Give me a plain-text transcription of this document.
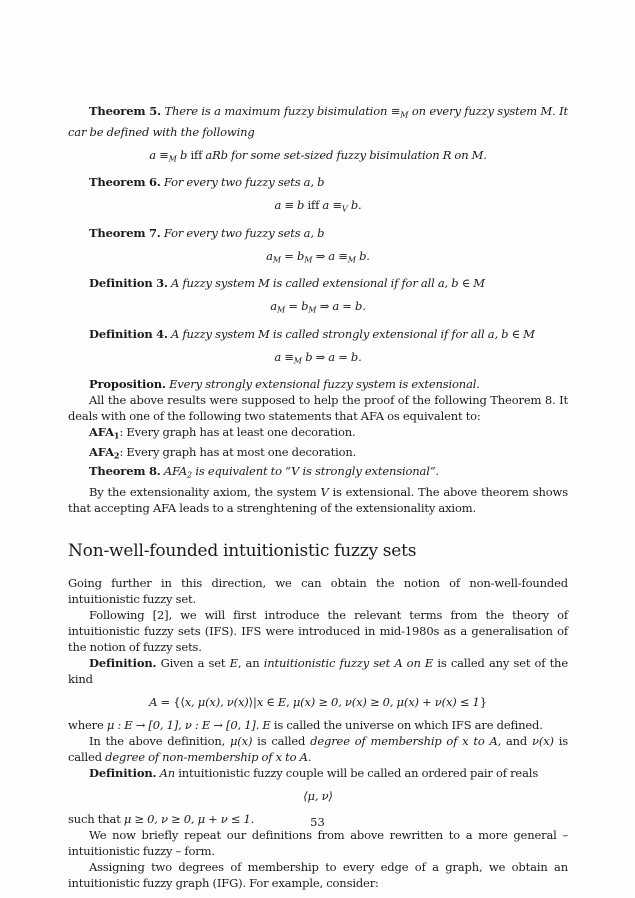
Theorem 5. There is a maximum fuzzy bisimulation $\equiv_M$ on every fuzzy system M. It car be defined with the following
$a \equiv_M$ b iff aRb for some set-sized fuzzy bisimulation R on M.
Theorem 6. For every two fuzzy sets a, b
a ≡ b iff $a \equiv_V$ b.
Theorem 7. For every two fuzzy sets a, b
$a_M = b_M$ ⇒ $a \equiv_M$ b.
Definition 3. A fuzzy system M is called extensional if for all a, b ∈ M
$a_M = b_M$ ⇒ a = b.
Definition 4. A fuzzy system M is called strongly extensional if for all a, b ∈ M
$a \equiv_M$ b ⇒ a = b.
Proposition. Every strongly extensional fuzzy system is extensional.
All the above results were supposed to help the proof of the following Theorem 8. It deals with one of the following two statements that AFA os equivalent to:
$AFA_1$: Every graph has at least one decoration.
$AFA_2$: Every graph has at most one decoration.
Theorem 8. $AFA_2$ is equivalent to “V is strongly extensional”.
By the extensionality axiom, the system V is extensional. The above theorem shows that accepting AFA leads to a strenghtening of the extensionality axiom.
Non-well-founded intuitionistic fuzzy sets
Going further in this direction, we can obtain the notion of non-well-founded intuitionistic fuzzy set.
Following [2], we will first introduce the relevant terms from the theory of intuitionistic fuzzy sets (IFS). IFS were introduced in mid-1980s as a generalisation of the notion of fuzzy sets.
Definition. Given a set E, an intuitionistic fuzzy set A on E is called any set of the kind
A = {⟨x, μ(x), ν(x)⟩|x ∈ E, μ(x) ≥ 0, ν(x) ≥ 0, μ(x) + ν(x) ≤ 1}
where μ : E → [0, 1], ν : E → [0, 1]. E is called the universe on which IFS are defined.
In the above definition, μ(x) is called degree of membership of x to A, and ν(x) is called degree of non-membership of x to A.
Definition. An intuitionistic fuzzy couple will be called an ordered pair of reals
⟨μ, ν⟩
such that μ ≥ 0, ν ≥ 0, μ + ν ≤ 1.
We now briefly repeat our definitions from above rewritten to a more general – intuitionistic fuzzy – form.
Assigning two degrees of membership to every edge of a graph, we obtain an intuitionistic fuzzy graph (IFG). For example, consider:
53
